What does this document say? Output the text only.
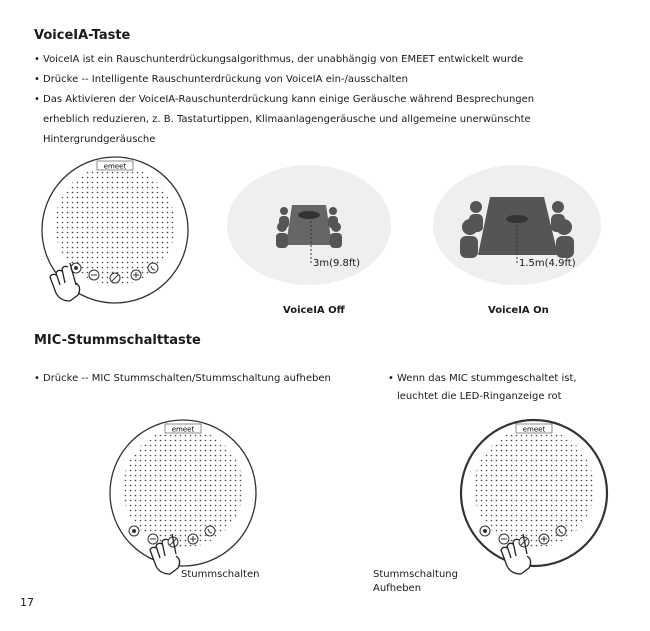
VoiceIA-Taste
• VoiceIA ist ein Rauschunterdrückungsalgorithmus, der unabhängig von EMEET entwickelt wurde
• Drücke -- Intelligente Rauschunterdrückung von VoiceIA ein-/ausschalten
• Das Aktivieren der VoiceIA-Rauschunterdrückung kann einige Geräusche während Besprechungen
erheblich reduzieren, z. B. Tastaturtippen, Klimaanlagengeräusche und allgemeine unerwünschte
Hintergrundgeräusche
emeet
3m(9.8ft)
VoiceIA Off
1.5m(4.9ft)
VoiceIA On
MIC-Stummschalttaste
• Drücke -- MIC Stummschalten/Stummschaltung aufheben
•	Wenn das MIC stummgeschaltet ist,
leuchtet die LED-Ringanzeige rot
emeet
Stummschalten
emeet
Stummschaltung
Aufheben
17
